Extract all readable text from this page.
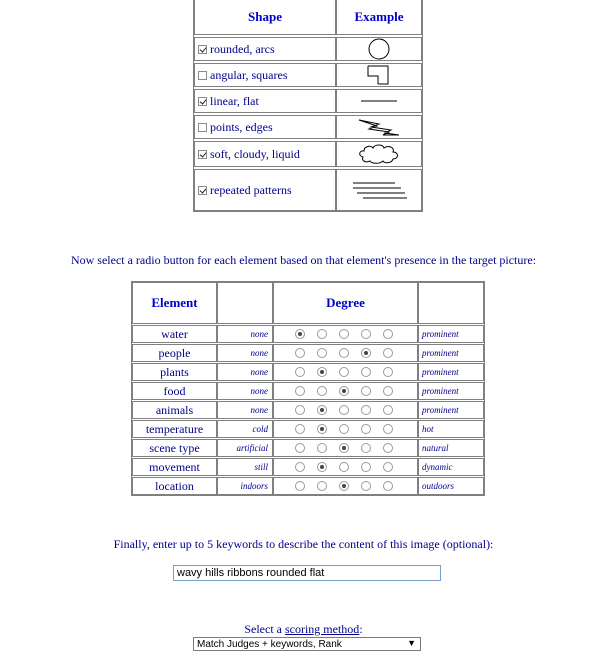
Shape	Example
rounded, arcs
angular, squares
linear, flat
points, edges
soft, cloudy, liquid
repeated patterns
Now select a radio button for each element based on that element's presence in the target picture:
Element	Degree
water	none	prominent
people	none	prominent
plants	none	prominent
food	none	prominent
animals	none	prominent
temperature	cold	hot
scene type	artificial	natural
movement	still	dynamic
location	indoors	outdoors
Finally, enter up to 5 keywords to describe the content of this image (optional):
wavy hills ribbons rounded flat
Select a scoring method:
Match Judges + keywords, Rank	▼
